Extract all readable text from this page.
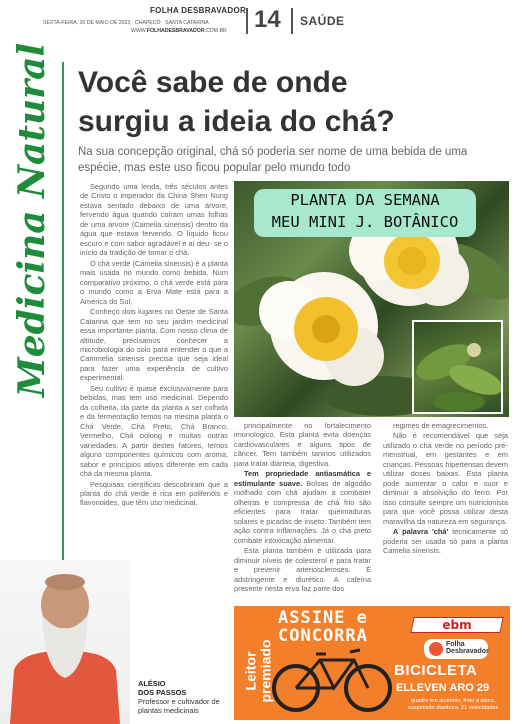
FOLHA DESBRAVADOR
SEXTA-FEIRA, 26 DE MAIO DE 2023 · CHAPECÓ · SANTA CATARINA
WWW.FOLHADESBRAVADOR.COM.BR 14 SAÚDE
Medicina Natural Você sabe de onde
surgiu a ideia do chá?
Na sua concepção original, chá só poderia ser nome de uma bebida de uma espécie, mas este uso ficou popular pelo mundo todo

Segundo uma lenda, três séculos antes de Cristo o imperador da China Shen Nung estava sentado debaixo de uma árvore, fervendo água quando caíram umas folhas de uma árvore (Camelia sinensis) dentro da água que estava fervendo. O líquido ficou escuro e com sabor agradável e aí deu- se o início da tradição de tomar o chá.

O chá verde (Camelia sinensis) é a planta mais usada no mundo como bebida. Num comparativo próximo, o chá verde está para o mundo como a Erva Mate está para a América do Sul.

Conheço dois lugares no Oeste de Santa Catarina que tem no seu jardim medicinal essa importante planta. Com nosso clima de altitude, precisamos conhecer a microbiologia do solo para entender o que a Cammelia sinensis precisa que seja ideal para fazer uma experiência de cultivo experimental.

Seu cultivo é quase exclusivamente para bebidas, mas tem uso medicinal. Dependo da colheita, da parte da planta a ser colhida e da fermentação temos na mesma planta o Chá Verde, Chá Preto, Chá Branco, Vermelho, Chá oolong e muitas outras variedades. A partir destes fatores, temos alguns componentes químicos com aroma, sabor e princípios ativos diferente em cada chá da mesma planta.

Pesquisas científicas descobriram que a planta do chá verde é rica em polifenóis e flavonoides, que têm uso medicinal,

PLANTA DA SEMANA
MEU MINI J. BOTÂNICO

principalmente no fortalecimento imunológico. Esta planta evita doenças cardiovasculares e alguns tipos de câncer. Tem também taninos utilizados para tratar diarreia, digestiva.

Tem propriedade antiasmática e estimulante suave. Bolsas de algodão molhado com chá ajudam a combater olheiras e compressa de chá frio são eficientes para tratar queimaduras solares e picadas de inseto. Também tem ação contra inflamações. Já o chá preto combate intoxicação alimentar.

Esta planta também é utilizada para diminuir níveis de colesterol e para tratar e prevenir arterioscleroses. É adstringente e diurético. A cafeína presente nesta erva faz parte dos

regimes de emagrecimentos.

Não é recomendável que seja utilizado o chá verde no período pré-menstrual, em gestantes e em crianças. Pessoas hipertensas devem utilizar doses baixas. Esta planta pode aumentar o calor e suor e diminuir a absolvição do ferro. Por isso consulte sempre um nutricionista para que você possa utilizar desta maravilha da natureza em segurança.

A palavra 'chá' tecnicamente só poderia ser usada só para a planta Camelia sinensis.

ALÉSIO
DOS PASSOS
Professor e cultivador de
plantas medicinais
Leitor
premiado
ASSINE e
CONCORRA
ebm
Folha
Desbravador
BICICLETA
ELLEVEN ARO 29
quadro em alumínio, freio a disco, suspensão dianteira, 21 velocidades
